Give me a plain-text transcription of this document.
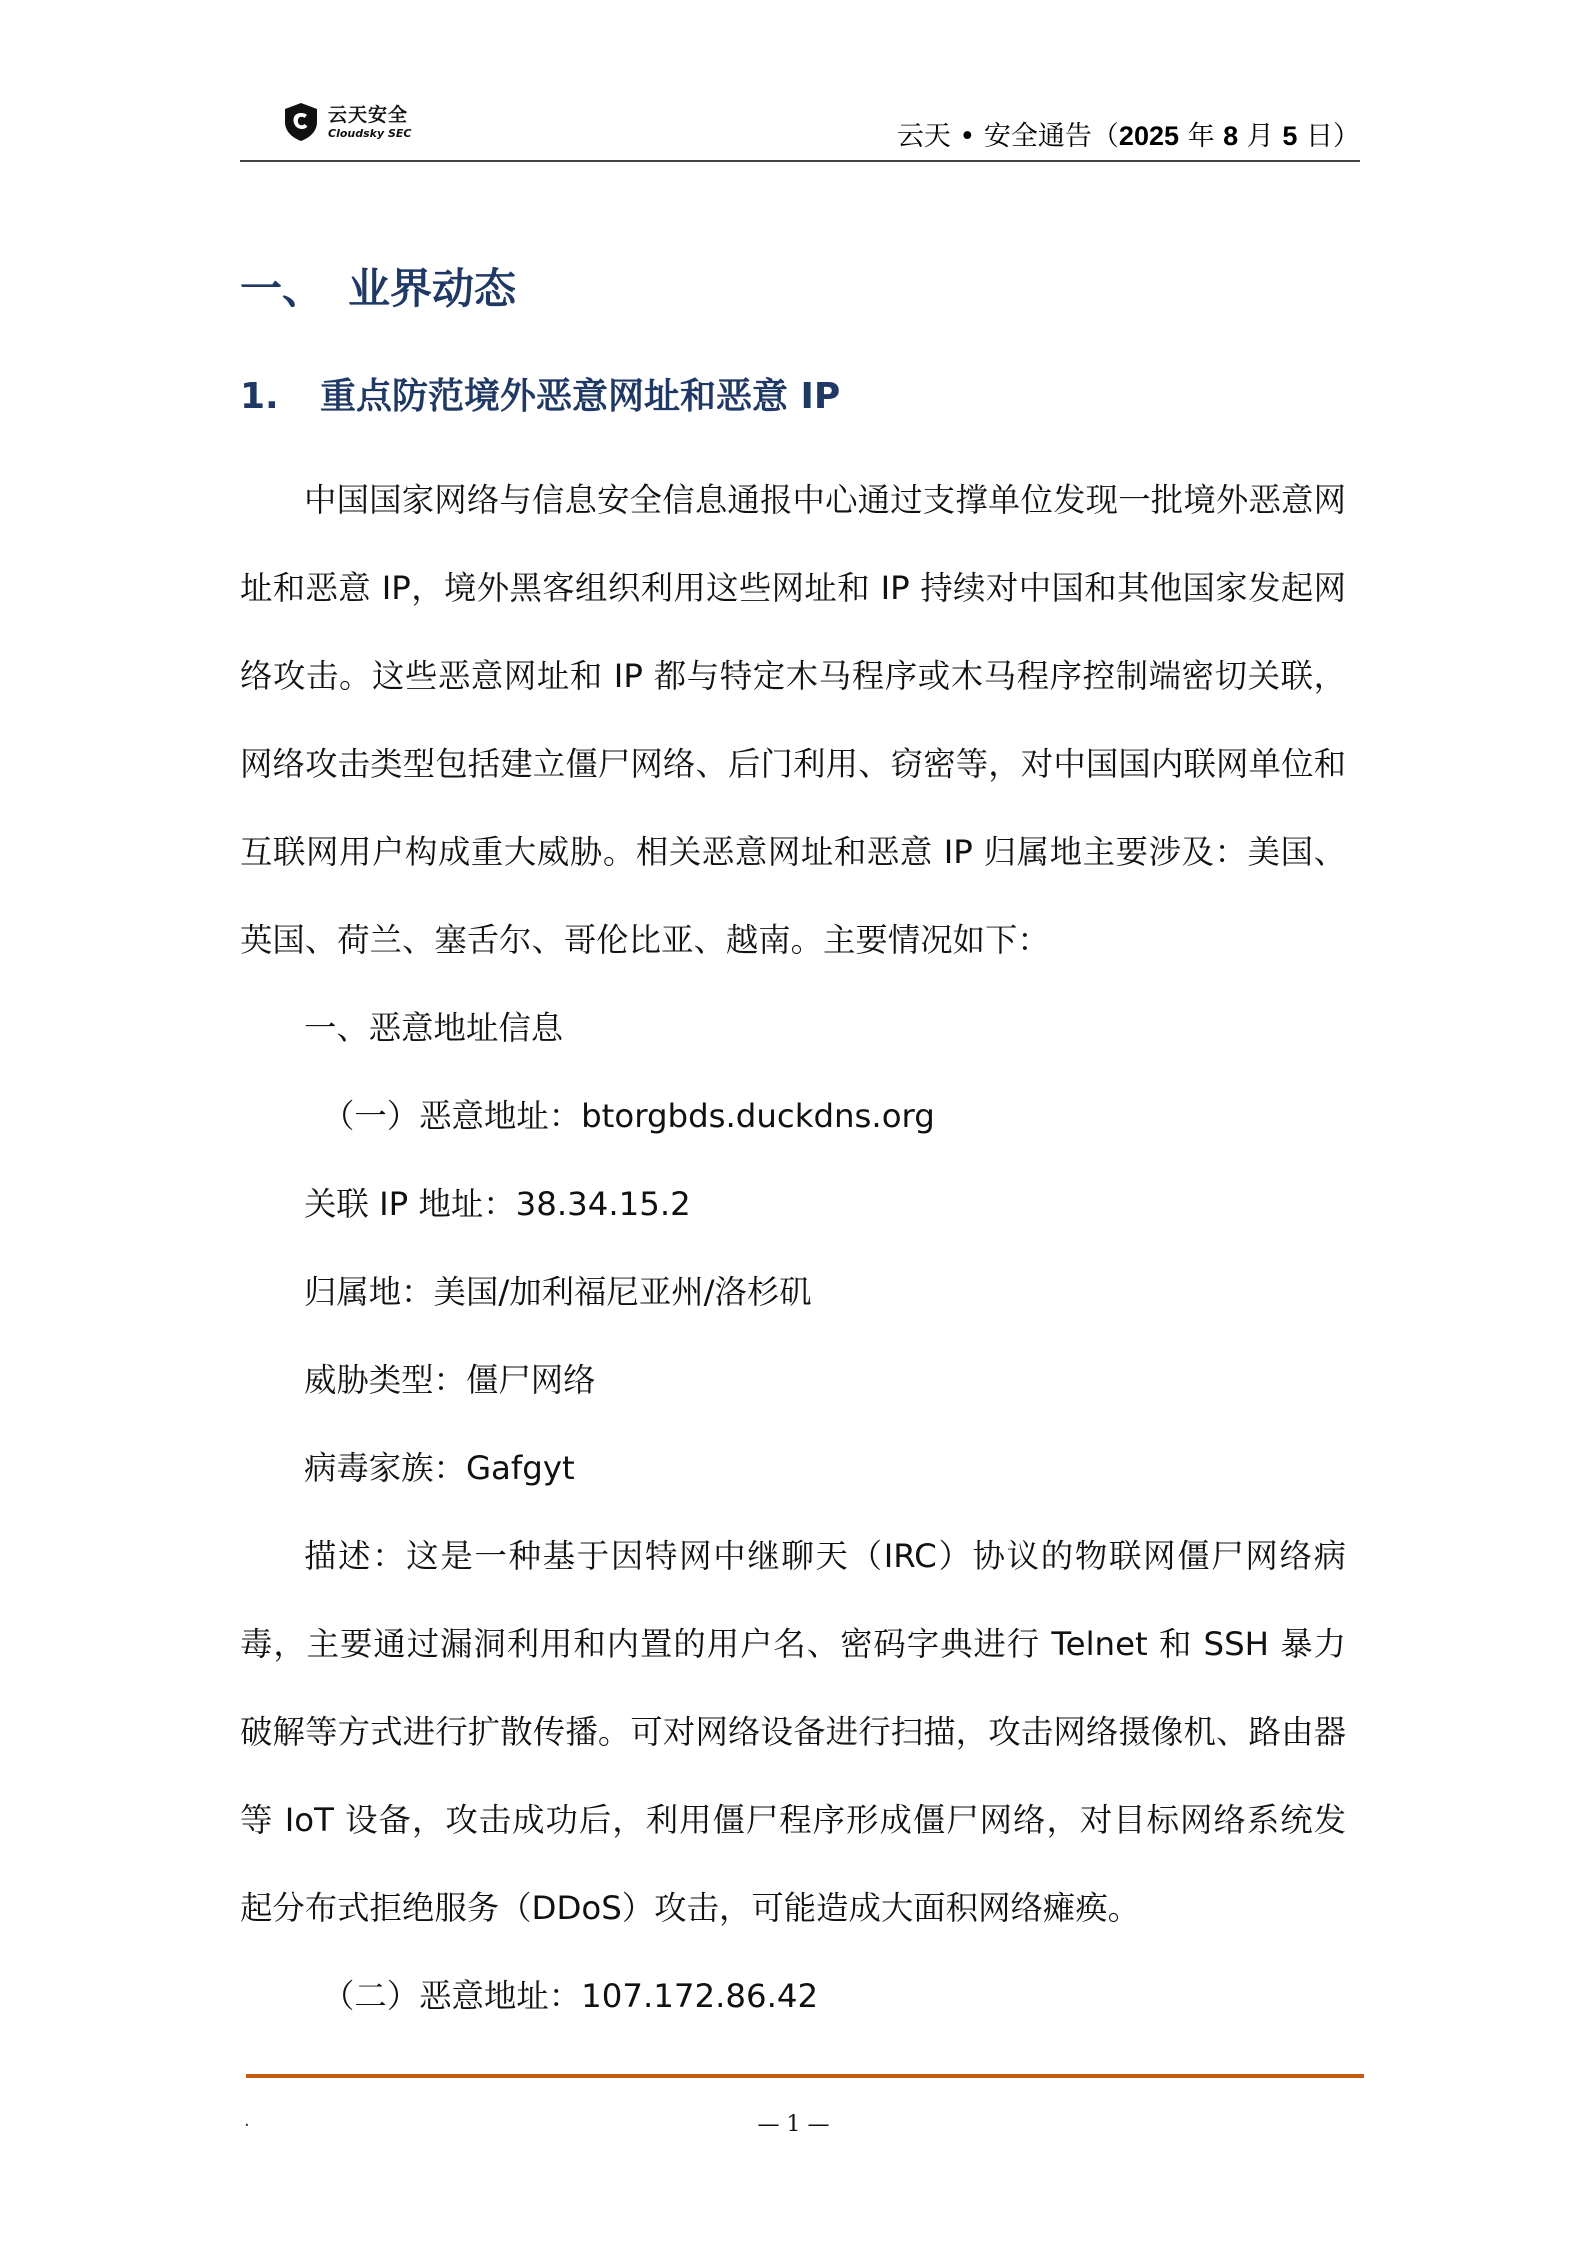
云天安全
Cloudsky SEC	云天 • 安全通告（2025 年 8 月 5 日）
一、 业界动态
1. 重点防范境外恶意网址和恶意 IP

中国国家网络与信息安全信息通报中心通过支撑单位发现一批境外恶意网址和恶意 IP，境外黑客组织利用这些网址和 IP 持续对中国和其他国家发起网络攻击。这些恶意网址和 IP 都与特定木马程序或木马程序控制端密切关联，网络攻击类型包括建立僵尸网络、后门利用、窃密等，对中国国内联网单位和互联网用户构成重大威胁。相关恶意网址和恶意 IP 归属地主要涉及：美国、英国、荷兰、塞舌尔、哥伦比亚、越南。主要情况如下：

一、恶意地址信息

（一）恶意地址：btorgbds.duckdns.org

关联 IP 地址：38.34.15.2

归属地：美国/加利福尼亚州/洛杉矶

威胁类型：僵尸网络

病毒家族：Gafgyt

描述：这是一种基于因特网中继聊天（IRC）协议的物联网僵尸网络病毒，主要通过漏洞利用和内置的用户名、密码字典进行 Telnet 和 SSH 暴力破解等方式进行扩散传播。可对网络设备进行扫描，攻击网络摄像机、路由器等 IoT 设备，攻击成功后，利用僵尸程序形成僵尸网络，对目标网络系统发起分布式拒绝服务（DDoS）攻击，可能造成大面积网络瘫痪。

（二）恶意地址：107.172.86.42

.	— 1 —
